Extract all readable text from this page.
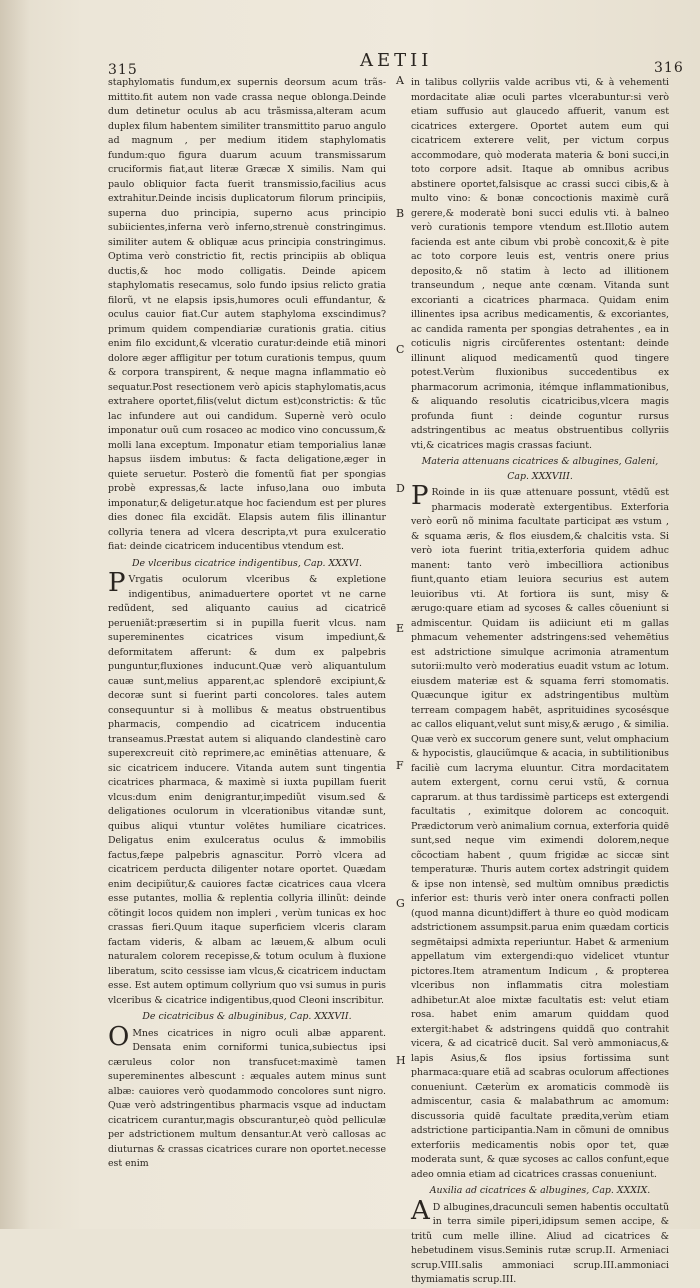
315	AETII	316

staphylomatis fundum,ex supernis deorsum acum trãs-mittito.fit autem non vade crassa neque oblonga.Deinde dum detinetur oculus ab acu trãsmissa,alteram acum duplex filum habentem similiter transmittito paruo angulo ad magnum , per medium itidem staphylomatis fundum:quo figura duarum acuum transmissarum cruciformis fiat,aut literæ Græcæ X similis. Nam qui paulo obliquior facta fuerit transmissio,facilius acus extrahitur.Deinde incisis duplicatorum filorum principiis, superna duo principia, superno acus principio subiicientes,inferna verò inferno,strenuè constringimus. similiter autem & obliquæ acus principia constringimus. Optima verò constrictio fit, rectis principiis ab obliqua ductis,& hoc modo colligatis. Deinde apicem staphylomatis resecamus, solo fundo ipsius relicto gratia filorũ, vt ne elapsis ipsis,humores oculi effundantur, & oculus cauior fiat.Cur autem staphyloma exscindimus?primum quidem compendiariæ curationis gratia. citius enim filo excidunt,& vlceratio curatur:deinde etiã minori dolore æger affligitur per totum curationis tempus, quum & corpora transpirent, & neque magna inflammatio eò sequatur.Post resectionem verò apicis staphylomatis,acus extrahere oportet,filis(velut dictum est)constrictis: & tũc lac infundere aut oui candidum. Supernè verò oculo imponatur ouũ cum rosaceo ac modico vino concussum,& molli lana exceptum. Imponatur etiam temporialius lanæ hapsus iisdem imbutus: & facta deligatione,æger in quiete seruetur. Posterò die fomentũ fiat per spongias probè expressas,& lacte infuso,lana ouo imbuta imponatur,& deligetur.atque hoc faciendum est per plures dies donec fila excidãt. Elapsis autem filis illinantur collyria tenera ad vlcera descripta,vt pura exulceratio fiat: deinde cicatricem inducentibus vtendum est.

De vlceribus cicatrice indigentibus, Cap. XXXVI.

PVrgatis oculorum vlceribus & expletione indigentibus, animaduertere oportet vt ne carne redũdent, sed aliquanto cauius ad cicatricē perueniãt:præsertim si in pupilla fuerit vlcus. nam supereminentes cicatrices visum impediunt,& deformitatem afferunt: & dum ex palpebris punguntur,fluxiones inducunt.Quæ verò aliquantulum cauæ sunt,melius apparent,ac splendorē excipiunt,& decoræ sunt si fuerint parti concolores. tales autem consequuntur si à mollibus & meatus obstruentibus pharmacis, compendio ad cicatricem inducentia transeamus.Præstat autem si aliquando clandestinè caro superexcreuit citò reprimere,ac eminētias attenuare, & sic cicatricem inducere. Vitanda autem sunt tingentia cicatrices pharmaca, & maximè si iuxta pupillam fuerit vlcus:dum enim denigrantur,impediũt visum.sed & deligationes oculorum in vlcerationibus vitandæ sunt, quibus aliqui vtuntur volētes humiliare cicatrices. Deligatus enim exulceratus oculus & immobilis factus,fæpe palpebris agnascitur. Porrò vlcera ad cicatricem perducta diligenter notare oportet. Quædam enim decipiũtur,& cauiores factæ cicatrices caua vlcera esse putantes, mollia & replentia collyria illinũt: deinde cõtingit locos quidem non impleri , verùm tunicas ex hoc crassas fieri.Quum itaque superficiem vlceris claram factam videris, & albam ac læuem,& album oculi naturalem colorem recepisse,& totum oculum à fluxione liberatum, scito cessisse iam vlcus,& cicatricem inductam esse. Est autem optimum collyrium quo vsi sumus in puris vlceribus & cicatrice indigentibus,quod Cleoni inscribitur.

De cicatricibus & albuginibus, Cap. XXXVII.

OMnes cicatrices in nigro oculi albæ apparent. Densata enim corniformi tunica,subiectus ipsi cæruleus color non transfucet:maximè tamen supereminentes albescunt : æquales autem minus sunt albæ: cauiores verò quodammodo concolores sunt nigro. Quæ verò adstringentibus pharmacis vsque ad inductam cicatricem curantur,magis obscurantur,eò quòd pelliculæ per adstrictionem multum densantur.At verò callosas ac diuturnas & crassas cicatrices curare non oportet.necesse est enim

in talibus collyriis valde acribus vti, & à vehementi mordacitate aliæ oculi partes vlcerabuntur:si verò etiam suffusio aut glaucedo affuerit, vanum est cicatrices extergere. Oportet autem eum qui cicatricem exterere velit, per victum corpus accommodare, quò moderata materia & boni succi,in toto corpore adsit. Itaque ab omnibus acribus abstinere oportet,falsisque ac crassi succi cibis,& à multo vino: & bonæ concoctionis maximè curã gerere,& moderatè boni succi edulis vti. à balneo verò curationis tempore vtendum est.Illotio autem facienda est ante cibum vbi probè concoxit,& è pite ac toto corpore leuis est, ventris onere prius deposito,& nõ statim à lecto ad illitionem transeundum , neque ante cœnam. Vitanda sunt excorianti a cicatrices pharmaca. Quidam enim illinentes ipsa acribus medicamentis, & excoriantes, ac candida ramenta per spongias detrahentes , ea in coticulis nigris circũferentes ostentant: deinde illinunt aliquod medicamentũ quod tingere potest.Verùm fluxionibus succedentibus ex pharmacorum acrimonia, itémque inflammationibus, & aliquando resolutis cicatricibus,vlcera magis profunda fiunt : deinde coguntur rursus adstringentibus ac meatus obstruentibus collyriis vti,& cicatrices magis crassas faciunt.

Materia attenuans cicatrices & albugines, Galeni, Cap. XXXVIII.

PRoinde in iis quæ attenuare possunt, vtēdũ est pharmacis moderatè extergentibus. Exterforia verò eorũ nõ minima facultate participat æs vstum , & squama æris, & flos eiusdem,& chalcitis vsta. Si verò iota fuerint tritia,exterforia quidem adhuc manent: tanto verò imbecilliora actionibus fiunt,quanto etiam leuiora securius est autem leuioribus vti. At fortiora iis sunt, misy & ærugo:quare etiam ad sycoses & calles cõueniunt si admiscentur. Quidam iis adiiciunt eti m gallas phmacum vehementer adstringens:sed vehemētius est adstrictione simulque acrimonia atramentum sutorii:multo verò moderatius euadit vstum ac lotum. eiusdem materiæ est & squama ferri stomomatis. Quæcunque igitur ex adstringentibus multùm terream compagem habēt, asprituidines sycosésque ac callos eliquant,velut sunt misy,& ærugo , & similia. Quæ verò ex succorum genere sunt, velut omphacium & hypocistis, glauciũmque & acacia, in subtilitionibus faciliè cum lacryma eluuntur. Citra mordacitatem autem extergent, cornu cerui vstũ, & cornua caprarum. at thus tardissimè particeps est extergendi facultatis , eximitque dolorem ac concoquit. Prædictorum verò animalium cornua, exterforia quidē sunt,sed neque vim eximendi dolorem,neque cõcoctiam habent , quum frigidæ ac siccæ sint temperaturæ. Thuris autem cortex adstringit quidem & ipse non intensè, sed multùm omnibus prædictis inferior est: thuris verò inter onera confracti pollen (quod manna dicunt)differt à thure eo quòd modicam adstrictionem assumpsit.parua enim quædam corticis segmētaipsi admixta reperiuntur. Habet & armenium appellatum vim extergendi:quo videlicet vtuntur pictores.Item atramentum Indicum , & propterea vlceribus non inflammatis citra molestiam adhibetur.At aloe mixtæ facultatis est: velut etiam rosa. habet enim amarum quiddam quod extergit:habet & adstringens quiddã quo contrahit vicera, & ad cicatricē ducit. Sal verò ammoniacus,& lapis Asius,& flos ipsius fortissima sunt pharmaca:quare etiã ad scabras oculorum affectiones conueniunt. Cæterùm ex aromaticis commodè iis admiscentur, casia & malabathrum ac amomum: discussoria quidē facultate prædita,verùm etiam adstrictione participantia.Nam in cõmuni de omnibus exterforiis medicamentis nobis opor tet, quæ moderata sunt, & quæ sycoses ac callos confunt,eque adeo omnia etiam ad cicatrices crassas conueniunt.

Auxilia ad cicatrices & albugines, Cap. XXXIX.

AD albugines,dracunculi semen habentis occultatũ in terra simile piperi,idipsum semen accipe, & tritũ cum melle illine. Aliud ad cicatrices & hebetudinem visus.Seminis rutæ scrup.II. Armeniaci scrup.VIII.salis ammoniaci scrup.III.ammoniaci thymiamatis scrup.III.

A
B
C
D
E
F
G
H
